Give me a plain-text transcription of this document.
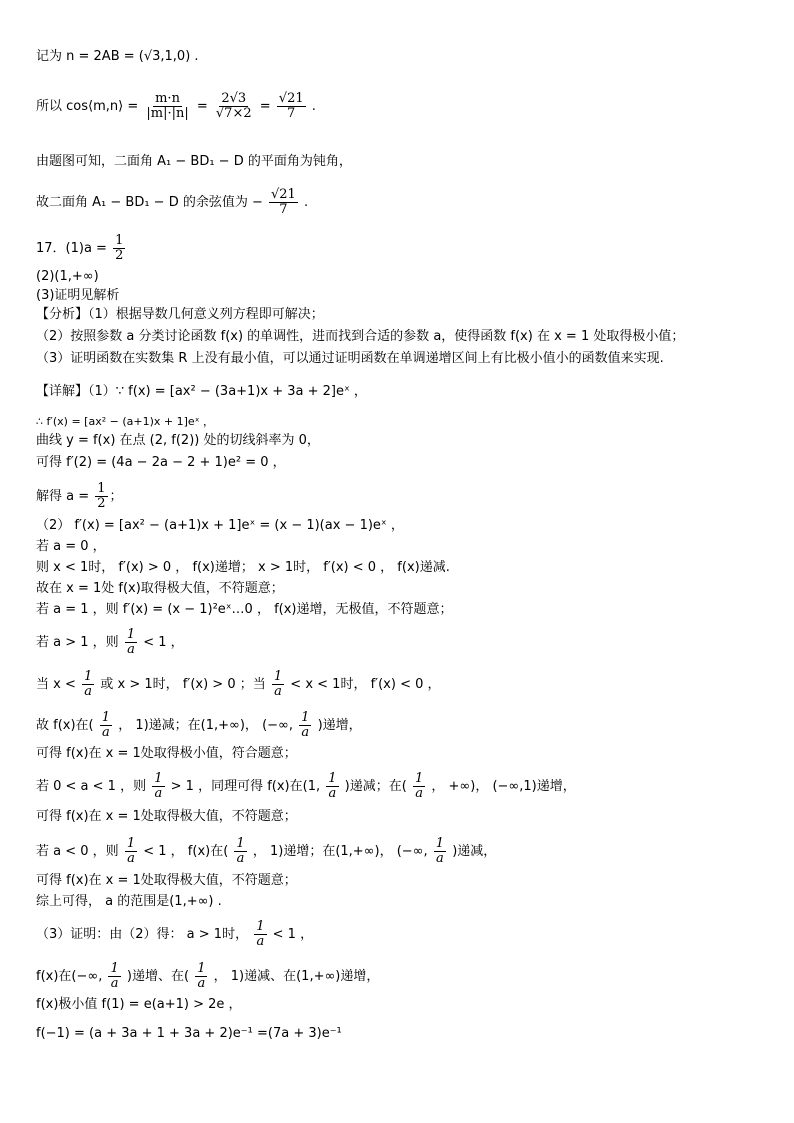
记为 n = 2AB = (√3,1,0) .
所以 cos⟨m,n⟩ = $\frac{m\cdot n}{|m|\cdot|n|} = \frac{2√3}{√7\times 2} = \frac{√21}{7}$ .
由题图可知，二面角 A₁ − BD₁ − D 的平面角为钝角，
故二面角 A₁ − BD₁ − D 的余弦值为 − $\frac{√21}{7}$ .
17．$(1)a = \frac{1}{2}$
(2)(1,+∞)
(3)证明见解析
【分析】（1）根据导数几何意义列方程即可解决；
（2）按照参数 a 分类讨论函数 f(x) 的单调性，进而找到合适的参数 a，使得函数 f(x) 在 x = 1 处取得极小值；
（3）证明函数在实数集 R 上没有最小值，可以通过证明函数在单调递增区间上有比极小值小的函数值来实现.
【详解】（1）∵ f(x) = [ax² − (3a+1)x + 3a + 2]eˣ ，
∴ f′(x) = [ax² − (a+1)x + 1]eˣ ，
曲线 y = f(x) 在点 (2, f(2)) 处的切线斜率为 0，
可得 f′(2) = (4a − 2a − 2 + 1)e² = 0 ，
解得 $a = \frac{1}{2}$ ；
（2） f′(x) = [ax² − (a+1)x + 1]eˣ = (x − 1)(ax − 1)eˣ ，
若 a = 0 ，
则 x < 1时， f′(x) > 0 ， f(x)递增； x > 1时， f′(x) < 0 ， f(x)递减.
故在 x = 1处 f(x)取得极大值，不符题意；
若 a = 1 ，则 f′(x) = (x − 1)²eˣ…0 ， f(x)递增，无极值，不符题意；
若 a > 1 ，则 $\frac{1}{a} < 1$ ，
当 $x < \frac{1}{a}$ 或 x > 1时， f′(x) > 0 ；当 $\frac{1}{a} < x < 1$时， f′(x) < 0 ，
故 f(x)在( $\frac{1}{a}$ ， 1)递减；在(1,+∞)， (−∞, $\frac{1}{a}$ )递增，
可得 f(x)在 x = 1处取得极小值，符合题意；
若 0 < a < 1 ，则 $\frac{1}{a} > 1$ ，同理可得 f(x)在(1, $\frac{1}{a}$ )递减；在( $\frac{1}{a}$ ， +∞)， (−∞,1)递增，
可得 f(x)在 x = 1处取得极大值，不符题意；
若 a < 0 ，则 $\frac{1}{a} < 1$ ， f(x)在( $\frac{1}{a}$ ， 1)递增；在(1,+∞)， (−∞, $\frac{1}{a}$ )递减，
可得 f(x)在 x = 1处取得极大值，不符题意；
综上可得， a 的范围是(1,+∞) .
（3）证明：由（2）得： a > 1时， $\frac{1}{a} < 1$ ，
f(x)在(−∞, $\frac{1}{a}$ )递增、在( $\frac{1}{a}$ ， 1)递减、在(1,+∞)递增，
f(x)极小值 f(1) = e(a+1) > 2e ，
f(−1) = (a + 3a + 1 + 3a + 2)e⁻¹ =(7a + 3)e⁻¹
